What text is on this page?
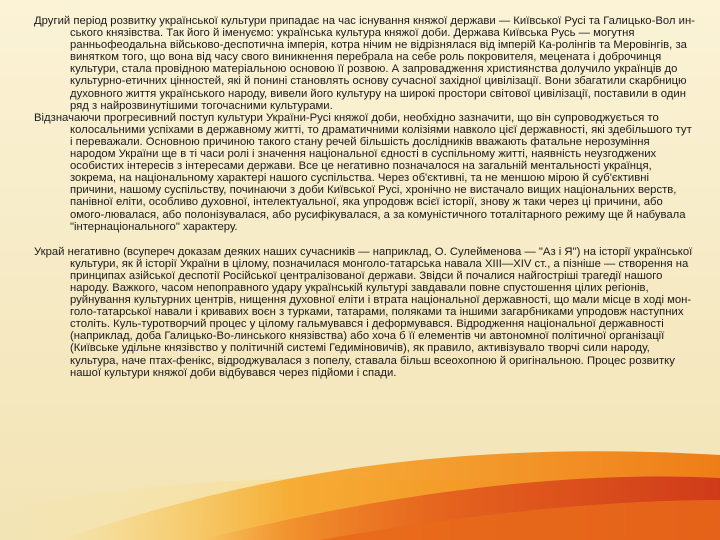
Другий період розвитку української культури припадає на час існування княжої держави — Київської Русі та Галицько-Вол ин-ського князівства. Так його й іменуємо: українська культура княжої доби. Держава Київська Русь — могутня ранньофеодальна військово-деспотична імперія, котра нічим не відрізнялася від імперій Ка-ролінгів та Меровінгів, за винятком того, що вона від часу свого виникнення перебрала на себе роль покровителя, мецената і доброчинця культури, стала провідною матеріальною основою її розвою. А запровадження християнства долучило українців до культурно-етичних цінностей, які й понині становлять основу сучасної західної цивілізації. Вони збагатили скарбницю духовного життя українського народу, вивели його культуру на широкі простори світової цивілізації, поставили в один ряд з найрозвинутішими тогочасними культурами.

Відзначаючи прогресивний поступ культури України-Русі княжої доби, необхідно зазначити, що він супроводжується то колосальними успіхами в державному житті, то драматичними колізіями навколо цієї державності, які здебільшого тут і переважали. Основною причиною такого стану речей більшість дослідників вважають фатальне нерозуміння народом України ще в ті часи ролі і значення національної єдності в суспільному житті, наявність неузгоджених особистих інтересів з інтересами держави. Все це негативно позначалося на загальній ментальності українця, зокрема, на національному характері нашого суспільства. Через об'єктивні, та не меншою мірою й суб'єктивні причини, нашому суспільству, починаючи з доби Київської Русі, хронічно не вистачало вищих національних верств, панівної еліти, особливо духовної, інтелектуальної, яка упродовж всієї історії, знову ж таки через ці причини, або омого-лювалася, або полонізувалася, або русифікувалася, а за комуністичного тоталітарного режиму ще й набувала "інтернаціонального" характеру.

Украй негативно (всупереч доказам деяких наших сучасників — наприклад, О. Сулейменова — "Аз і Я") на історії української культури, як й історії України в цілому, позначилася монголо-татарська навала XIII—XIV ст., а пізніше — створення на принципах азійської деспотії Російської централізованої держави. Звідси й почалися найгостріші трагедії нашого народу. Важкого, часом непоправного удару українській культурі завдавали повне спустошення цілих регіонів, руйнування культурних центрів, нищення духовної еліти і втрата національної державності, що мали місце в ході мон-голо-татарської навали і кривавих воєн з турками, татарами, поляками та іншими загарбниками упродовж наступних століть. Куль-туротворчий процес у цілому гальмувався і деформувався. Відродження національної державності (наприклад, доба Галицько-Во-линського князівства) або хоча б її елементів чи автономної політичної організації (Київське удільне князівство у політичній системі Гедиміновичів), як правило, активізувало творчі сили народу, культура, наче птах-фенікс, відроджувалася з попелу, ставала більш всеохопною й оригінальною. Процес розвитку нашої культури княжої доби відбувався через підйоми і спади.
